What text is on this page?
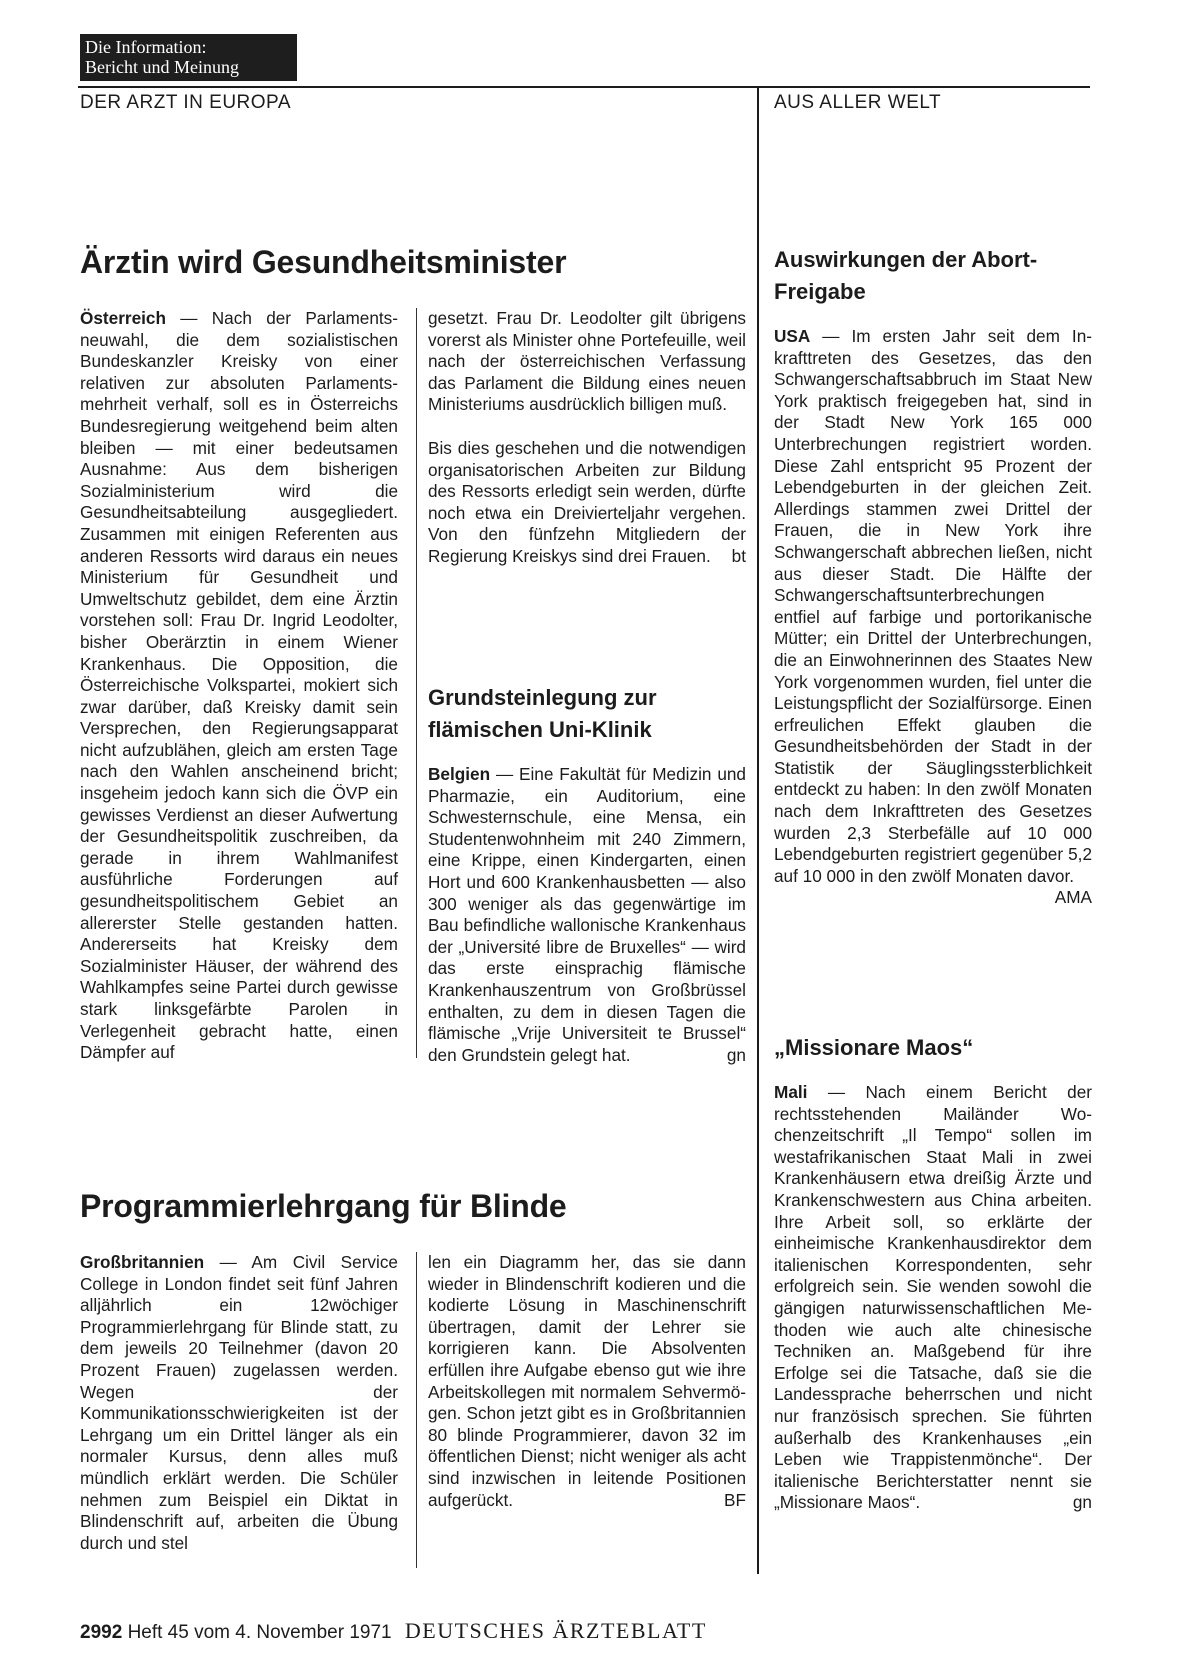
Die Information:
Bericht und Meinung
DER ARZT IN EUROPA	AUS ALLER WELT
Ärztin wird Gesundheitsminister

Österreich — Nach der Parlamentsneuwahl, die dem sozialistischen Bundeskanzler Kreisky von einer relativen zur absoluten Parlamentsmehrheit verhalf, soll es in Österreichs Bundesregierung weitgehend beim alten bleiben — mit einer bedeutsamen Ausnahme: Aus dem bisherigen Sozialministerium wird die Gesundheitsabteilung ausgegliedert. Zusammen mit einigen Referenten aus anderen Ressorts wird daraus ein neues Ministerium für Gesundheit und Umweltschutz gebildet, dem eine Ärztin vorstehen soll: Frau Dr. Ingrid Leodolter, bisher Oberärztin in einem Wiener Krankenhaus. Die Opposition, die Österreichische Volkspartei, mokiert sich zwar darüber, daß Kreisky damit sein Versprechen, den Regierungsapparat nicht aufzublähen, gleich am ersten Tage nach den Wahlen anscheinend bricht; insgeheim jedoch kann sich die ÖVP ein gewisses Verdienst an dieser Aufwertung der Gesundheitspolitik zuschreiben, da gerade in ihrem Wahlmanifest ausführliche Forderungen auf gesundheitspolitischem Gebiet an allererster Stelle gestanden hatten. Andererseits hat Kreisky dem Sozialminister Häuser, der während des Wahlkampfes seine Partei durch gewisse stark linksgefärbte Parolen in Verlegenheit gebracht hatte, einen Dämpfer auf

gesetzt. Frau Dr. Leodolter gilt übrigens vorerst als Minister ohne Portefeuille, weil nach der österreichischen Verfassung das Parlament die Bildung eines neuen Ministeriums ausdrücklich billigen muß.

Bis dies geschehen und die notwendigen organisatorischen Arbeiten zur Bildung des Ressorts erledigt sein werden, dürfte noch etwa ein Dreivierteljahr vergehen. Von den fünfzehn Mitgliedern der Regierung Kreiskys sind drei Frauen. bt

Grundsteinlegung zur flämischen Uni-Klinik

Belgien — Eine Fakultät für Medizin und Pharmazie, ein Auditorium, eine Schwesternschule, eine Mensa, ein Studentenwohnheim mit 240 Zimmern, eine Krippe, einen Kindergarten, einen Hort und 600 Krankenhausbetten — also 300 weniger als das gegenwärtige im Bau befindliche wallonische Krankenhaus der „Université libre de Bruxelles“ — wird das erste einsprachig flämische Krankenhauszentrum von Großbrüssel enthalten, zu dem in diesen Tagen die flämische „Vrije Universiteit te Brussel“ den Grundstein gelegt hat.	gn

Programmierlehrgang für Blinde

Großbritannien — Am Civil Service College in London findet seit fünf Jahren alljährlich ein 12wöchiger Programmierlehrgang für Blinde statt, zu dem jeweils 20 Teilnehmer (davon 20 Prozent Frauen) zugelassen werden. Wegen der Kommunikationsschwierigkeiten ist der Lehrgang um ein Drittel länger als ein normaler Kursus, denn alles muß mündlich erklärt werden. Die Schüler nehmen zum Beispiel ein Diktat in Blindenschrift auf, arbeiten die Übung durch und stel

len ein Diagramm her, das sie dann wieder in Blindenschrift kodieren und die kodierte Lösung in Maschinenschrift übertragen, damit der Lehrer sie korrigieren kann. Die Absolventen erfüllen ihre Aufgabe ebenso gut wie ihre Arbeitskollegen mit normalem Sehvermögen. Schon jetzt gibt es in Großbritannien 80 blinde Programmierer, davon 32 im öffentlichen Dienst; nicht weniger als acht sind inzwischen in leitende Positionen aufgerückt.	BF

Auswirkungen der Abort-Freigabe

USA — Im ersten Jahr seit dem Inkrafttreten des Gesetzes, das den Schwangerschaftsabbruch im Staat New York praktisch freigegeben hat, sind in der Stadt New York 165 000 Unterbrechungen registriert worden. Diese Zahl entspricht 95 Prozent der Lebendgeburten in der gleichen Zeit. Allerdings stammen zwei Drittel der Frauen, die in New York ihre Schwangerschaft abbrechen ließen, nicht aus dieser Stadt. Die Hälfte der Schwangerschaftsunterbrechungen entfiel auf farbige und portorikanische Mütter; ein Drittel der Unterbrechungen, die an Einwohnerinnen des Staates New York vorgenommen wurden, fiel unter die Leistungspflicht der Sozialfürsorge. Einen erfreulichen Effekt glauben die Gesundheitsbehörden der Stadt in der Statistik der Säuglingssterblichkeit entdeckt zu haben: In den zwölf Monaten nach dem Inkrafttreten des Gesetzes wurden 2,3 Sterbefälle auf 10 000 Lebendgeburten registriert gegenüber 5,2 auf 10 000 in den zwölf Monaten davor.
AMA

„Missionare Maos“

Mali — Nach einem Bericht der rechtsstehenden Mailänder Wochenzeitschrift „Il Tempo“ sollen im westafrikanischen Staat Mali in zwei Krankenhäusern etwa dreißig Ärzte und Krankenschwestern aus China arbeiten. Ihre Arbeit soll, so erklärte der einheimische Krankenhausdirektor dem italienischen Korrespondenten, sehr erfolgreich sein. Sie wenden sowohl die gängigen naturwissenschaftlichen Methoden wie auch alte chinesische Techniken an. Maßgebend für ihre Erfolge sei die Tatsache, daß sie die Landessprache beherrschen und nicht nur französisch sprechen. Sie führten außerhalb des Krankenhauses „ein Leben wie Trappistenmönche“. Der italienische Berichterstatter nennt sie „Missionare Maos“.	gn

2992 Heft 45 vom 4. November 1971 DEUTSCHES ÄRZTEBLATT
